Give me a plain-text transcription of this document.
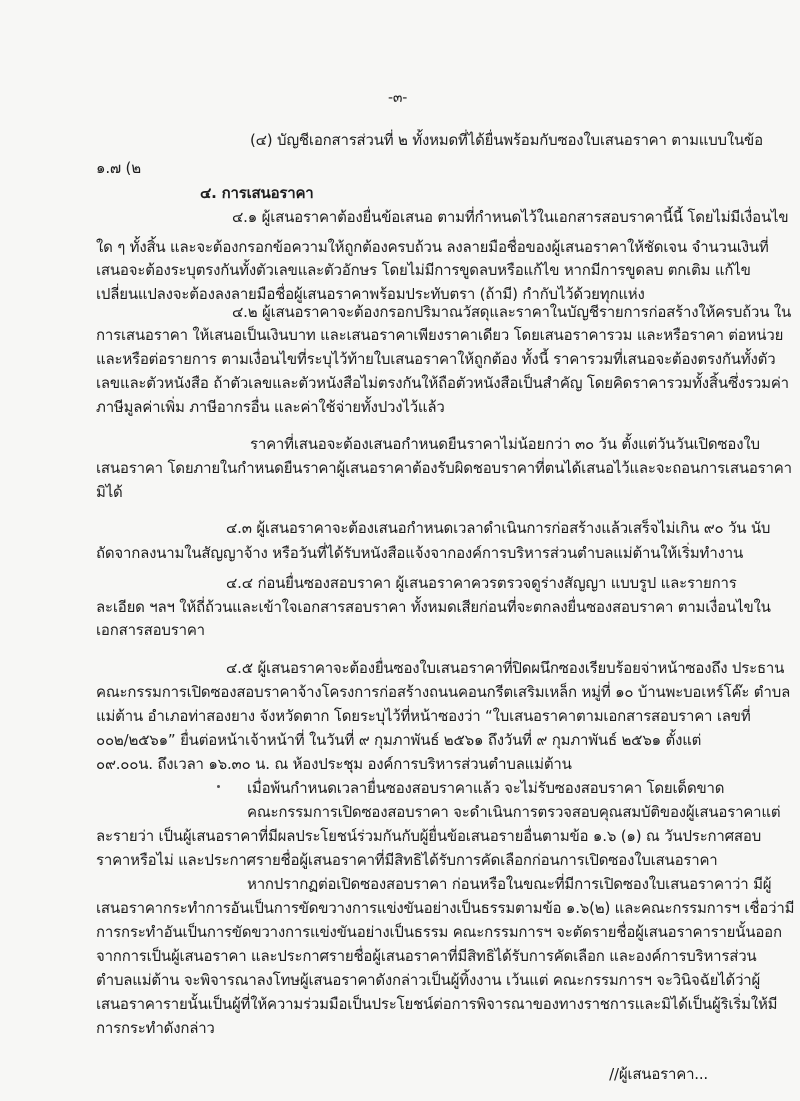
-๓-
(๔) บัญชีเอกสารส่วนที่ ๒ ทั้งหมดที่ได้ยื่นพร้อมกับซองใบเสนอราคา ตามแบบในข้อ
๑.๗ (๒
๔. การเสนอราคา
๔.๑ ผู้เสนอราคาต้องยื่นข้อเสนอ ตามที่กำหนดไว้ในเอกสารสอบราคานี้นี้ โดยไม่มีเงื่อนไข
ใด ๆ ทั้งสิ้น และจะต้องกรอกข้อความให้ถูกต้องครบถ้วน ลงลายมือชื่อของผู้เสนอราคาให้ชัดเจน จำนวนเงินที่
เสนอจะต้องระบุตรงกันทั้งตัวเลขและตัวอักษร โดยไม่มีการขูดลบหรือแก้ไข หากมีการขูดลบ ตกเติม แก้ไข
เปลี่ยนแปลงจะต้องลงลายมือชื่อผู้เสนอราคาพร้อมประทับตรา (ถ้ามี) กำกับไว้ด้วยทุกแห่ง
๔.๒ ผู้เสนอราคาจะต้องกรอกปริมาณวัสดุและราคาในบัญชีรายการก่อสร้างให้ครบถ้วน ใน
การเสนอราคา ให้เสนอเป็นเงินบาท และเสนอราคาเพียงราคาเดียว โดยเสนอราคารวม และหรือราคา ต่อหน่วย
และหรือต่อรายการ ตามเงื่อนไขที่ระบุไว้ท้ายใบเสนอราคาให้ถูกต้อง ทั้งนี้ ราคารวมที่เสนอจะต้องตรงกันทั้งตัว
เลขและตัวหนังสือ ถ้าตัวเลขและตัวหนังสือไม่ตรงกันให้ถือตัวหนังสือเป็นสำคัญ โดยคิดราคารวมทั้งสิ้นซึ่งรวมค่า
ภาษีมูลค่าเพิ่ม ภาษีอากรอื่น และค่าใช้จ่ายทั้งปวงไว้แล้ว
ราคาที่เสนอจะต้องเสนอกำหนดยืนราคาไม่น้อยกว่า ๓๐ วัน ตั้งแต่วันวันเปิดซองใบ
เสนอราคา โดยภายในกำหนดยืนราคาผู้เสนอราคาต้องรับผิดชอบราคาที่ตนได้เสนอไว้และจะถอนการเสนอราคา
มิได้
๔.๓ ผู้เสนอราคาจะต้องเสนอกำหนดเวลาดำเนินการก่อสร้างแล้วเสร็จไม่เกิน ๙๐ วัน นับ
ถัดจากลงนามในสัญญาจ้าง หรือวันที่ได้รับหนังสือแจ้งจากองค์การบริหารส่วนตำบลแม่ต้านให้เริ่มทำงาน
๔.๔ ก่อนยื่นซองสอบราคา ผู้เสนอราคาควรตรวจดูร่างสัญญา แบบรูป และรายการ
ละเอียด ฯลฯ ให้ถี่ถ้วนและเข้าใจเอกสารสอบราคา ทั้งหมดเสียก่อนที่จะตกลงยื่นซองสอบราคา ตามเงื่อนไขใน
เอกสารสอบราคา
๔.๕ ผู้เสนอราคาจะต้องยื่นซองใบเสนอราคาที่ปิดผนึกซองเรียบร้อยจ่าหน้าซองถึง ประธาน
คณะกรรมการเปิดซองสอบราคาจ้างโครงการก่อสร้างถนนคอนกรีตเสริมเหล็ก หมู่ที่ ๑๐ บ้านพะบอเหร์โค๊ะ ตำบล
แม่ต้าน อำเภอท่าสองยาง จังหวัดตาก โดยระบุไว้ที่หน้าซองว่า “ใบเสนอราคาตามเอกสารสอบราคา เลขที่
๐๐๒/๒๕๖๑” ยื่นต่อหน้าเจ้าหน้าที่ ในวันที่ ๙ กุมภาพันธ์ ๒๕๖๑ ถึงวันที่ ๙ กุมภาพันธ์ ๒๕๖๑ ตั้งแต่
๐๙.๐๐น. ถึงเวลา ๑๖.๓๐ น. ณ ห้องประชุม องค์การบริหารส่วนตำบลแม่ต้าน
เมื่อพ้นกำหนดเวลายื่นซองสอบราคาแล้ว จะไม่รับซองสอบราคา โดยเด็ดขาด
คณะกรรมการเปิดซองสอบราคา จะดำเนินการตรวจสอบคุณสมบัติของผู้เสนอราคาแต่
ละรายว่า เป็นผู้เสนอราคาที่มีผลประโยชน์ร่วมกันกับผู้ยื่นข้อเสนอรายอื่นตามข้อ ๑.๖ (๑) ณ วันประกาศสอบ
ราคาหรือไม่ และประกาศรายชื่อผู้เสนอราคาที่มีสิทธิได้รับการคัดเลือกก่อนการเปิดซองใบเสนอราคา
หากปรากฏต่อเปิดซองสอบราคา ก่อนหรือในขณะที่มีการเปิดซองใบเสนอราคาว่า มีผู้
เสนอราคากระทำการอันเป็นการขัดขวางการแข่งขันอย่างเป็นธรรมตามข้อ ๑.๖(๒) และคณะกรรมการฯ เชื่อว่ามี
การกระทำอันเป็นการขัดขวางการแข่งขันอย่างเป็นธรรม คณะกรรมการฯ จะตัดรายชื่อผู้เสนอราคารายนั้นออก
จากการเป็นผู้เสนอราคา และประกาศรายชื่อผู้เสนอราคาที่มีสิทธิได้รับการคัดเลือก และองค์การบริหารส่วน
ตำบลแม่ต้าน จะพิจารณาลงโทษผู้เสนอราคาดังกล่าวเป็นผู้ทิ้งงาน เว้นแต่ คณะกรรมการฯ จะวินิจฉัยได้ว่าผู้
เสนอราคารายนั้นเป็นผู้ที่ให้ความร่วมมือเป็นประโยชน์ต่อการพิจารณาของทางราชการและมิได้เป็นผู้ริเริ่มให้มี
การกระทำดังกล่าว
//ผู้เสนอราคา...
